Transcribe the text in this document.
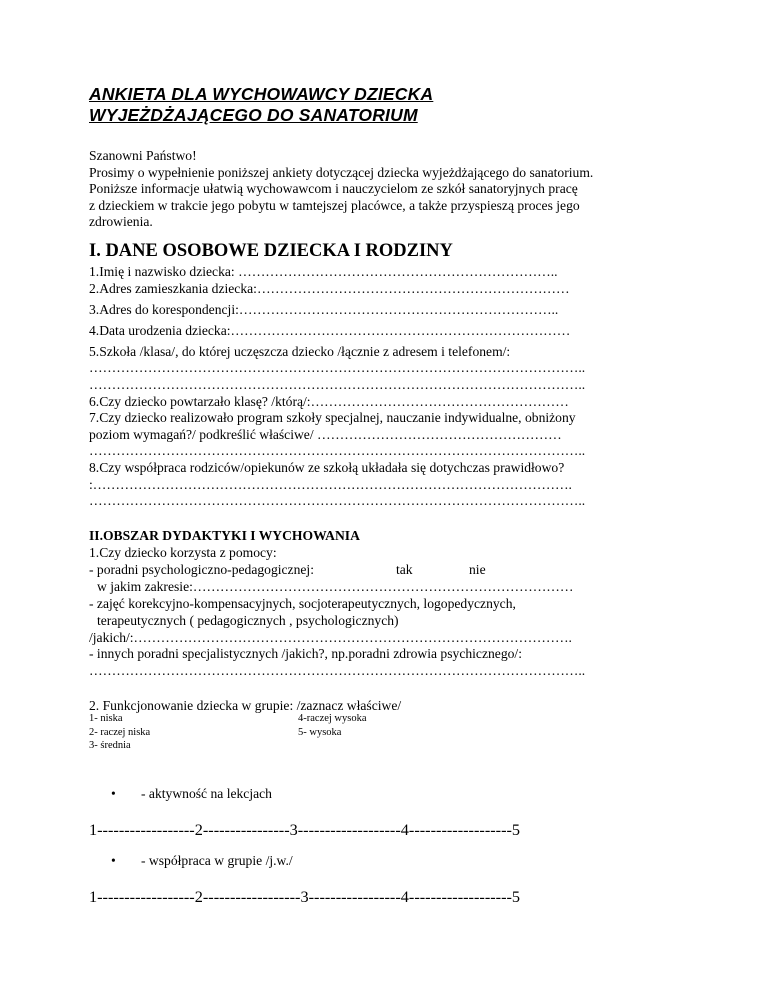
ANKIETA DLA WYCHOWAWCY DZIECKA
WYJEŻDŻAJĄCEGO DO SANATORIUM
Szanowni Państwo!
Prosimy o wypełnienie poniższej ankiety dotyczącej dziecka wyjeżdżającego do sanatorium.
Poniższe informacje ułatwią wychowawcom i nauczycielom ze szkół sanatoryjnych pracę
z dzieckiem w trakcie jego pobytu w tamtejszej placówce, a także przyspieszą proces jego
zdrowienia.
I. DANE OSOBOWE DZIECKA I RODZINY
1.Imię i nazwisko dziecka: ……………………………………………………………..
2.Adres zamieszkania dziecka:……………………………………………………………
3.Adres do korespondencji:……………………………………………………………..
4.Data urodzenia dziecka:…………………………………………………………………
5.Szkoła /klasa/, do której uczęszcza dziecko /łącznie z adresem i telefonem/:
………………………………………………………………………………………………..
………………………………………………………………………………………………..
6.Czy dziecko powtarzało klasę? /którą/:…………………………………………………
7.Czy dziecko realizowało program szkoły specjalnej, nauczanie indywidualne, obniżony
poziom wymagań?/ podkreślić właściwe/ ………………………………………………
………………………………………………………………………………………………..
8.Czy współpraca rodziców/opiekunów ze szkołą układała się dotychczas prawidłowo?
:…………………………………………………………………………………………….
………………………………………………………………………………………………..
II.OBSZAR DYDAKTYKI I WYCHOWANIA
1.Czy dziecko korzysta z pomocy:
- poradni psychologiczno-pedagogicznej:	tak	nie
w jakim zakresie:…………………………………………………………………………
- zajęć korekcyjno-kompensacyjnych, socjoterapeutycznych, logopedycznych,
terapeutycznych ( pedagogicznych , psychologicznych)
/jakich/:…………………………………………………………………………………….
- innych poradni specjalistycznych /jakich?, np.poradni zdrowia psychicznego/:
………………………………………………………………………………………………..
2. Funkcjonowanie dziecka w grupie: /zaznacz właściwe/
1- niska
2- raczej niska
3- średnia
4-raczej wysoka
5- wysoka
• - aktywność na lekcjach
1------------------2----------------3-------------------4-------------------5
• - współpraca w grupie /j.w./
1------------------2------------------3-----------------4-------------------5
